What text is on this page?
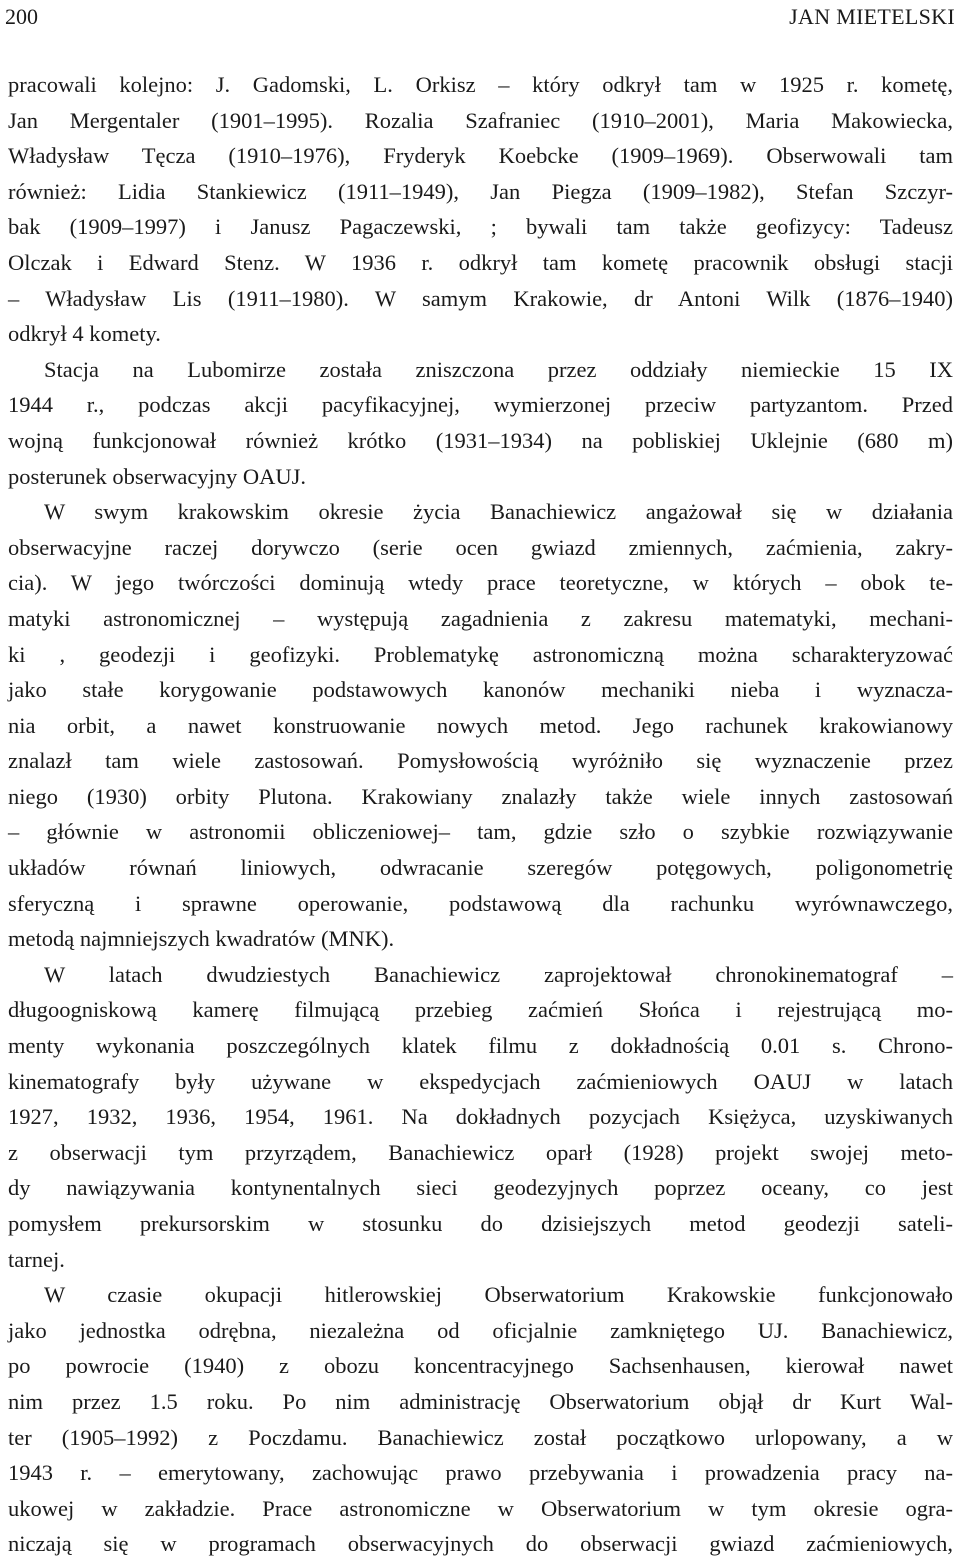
200	JAN MIETELSKI
pracowali kolejno: J. Gadomski, L. Orkisz – który odkrył tam w 1925 r. kometę,
Jan Mergentaler (1901–1995). Rozalia Szafraniec (1910–2001), Maria Makowiecka,
Władysław Tęcza (1910–1976), Fryderyk Koebcke (1909–1969). Obserwowali tam
również: Lidia Stankiewicz (1911–1949), Jan Piegza (1909–1982), Stefan Szczyr-
bak (1909–1997) i Janusz Pagaczewski, ; bywali tam także geofizycy: Tadeusz
Olczak i Edward Stenz. W 1936 r. odkrył tam kometę pracownik obsługi stacji
– Władysław Lis (1911–1980). W samym Krakowie, dr Antoni Wilk (1876–1940)
odkrył 4 komety.
Stacja na Lubomirze została zniszczona przez oddziały niemieckie 15 IX
1944 r., podczas akcji pacyfikacyjnej, wymierzonej przeciw partyzantom. Przed
wojną funkcjonował również krótko (1931–1934) na pobliskiej Uklejnie (680 m)
posterunek obserwacyjny OAUJ.
W swym krakowskim okresie życia Banachiewicz angażował się w działania
obserwacyjne raczej dorywczo (serie ocen gwiazd zmiennych, zaćmienia, zakry-
cia). W jego twórczości dominują wtedy prace teoretyczne, w których – obok te-
matyki astronomicznej – występują zagadnienia z zakresu matematyki, mechani-
ki , geodezji i geofizyki. Problematykę astronomiczną można scharakteryzować
jako stałe korygowanie podstawowych kanonów mechaniki nieba i wyznacza-
nia orbit, a nawet konstruowanie nowych metod. Jego rachunek krakowianowy
znalazł tam wiele zastosowań. Pomysłowością wyróżniło się wyznaczenie przez
niego (1930) orbity Plutona. Krakowiany znalazły także wiele innych zastosowań
– głównie w astronomii obliczeniowej– tam, gdzie szło o szybkie rozwiązywanie
układów równań liniowych, odwracanie szeregów potęgowych, poligonometrię
sferyczną i sprawne operowanie, podstawową dla rachunku wyrównawczego,
metodą najmniejszych kwadratów (MNK).
W latach dwudziestych Banachiewicz zaprojektował chronokinematograf –
długoogniskową kamerę filmującą przebieg zaćmień Słońca i rejestrującą mo-
menty wykonania poszczególnych klatek filmu z dokładnością 0.01 s. Chrono-
kinematografy były używane w ekspedycjach zaćmieniowych OAUJ w latach
1927, 1932, 1936, 1954, 1961. Na dokładnych pozycjach Księżyca, uzyskiwanych
z obserwacji tym przyrządem, Banachiewicz oparł (1928) projekt swojej meto-
dy nawiązywania kontynentalnych sieci geodezyjnych poprzez oceany, co jest
pomysłem prekursorskim w stosunku do dzisiejszych metod geodezji sateli-
tarnej.
W czasie okupacji hitlerowskiej Obserwatorium Krakowskie funkcjonowało
jako jednostka odrębna, niezależna od oficjalnie zamkniętego UJ. Banachiewicz,
po powrocie (1940) z obozu koncentracyjnego Sachsenhausen, kierował nawet
nim przez 1.5 roku. Po nim administrację Obserwatorium objął dr Kurt Wal-
ter (1905–1992) z Poczdamu. Banachiewicz został początkowo urlopowany, a w
1943 r. – emerytowany, zachowując prawo przebywania i prowadzenia pracy na-
ukowej w zakładzie. Prace astronomiczne w Obserwatorium w tym okresie ogra-
niczają się w programach obserwacyjnych do obserwacji gwiazd zaćmieniowych,
